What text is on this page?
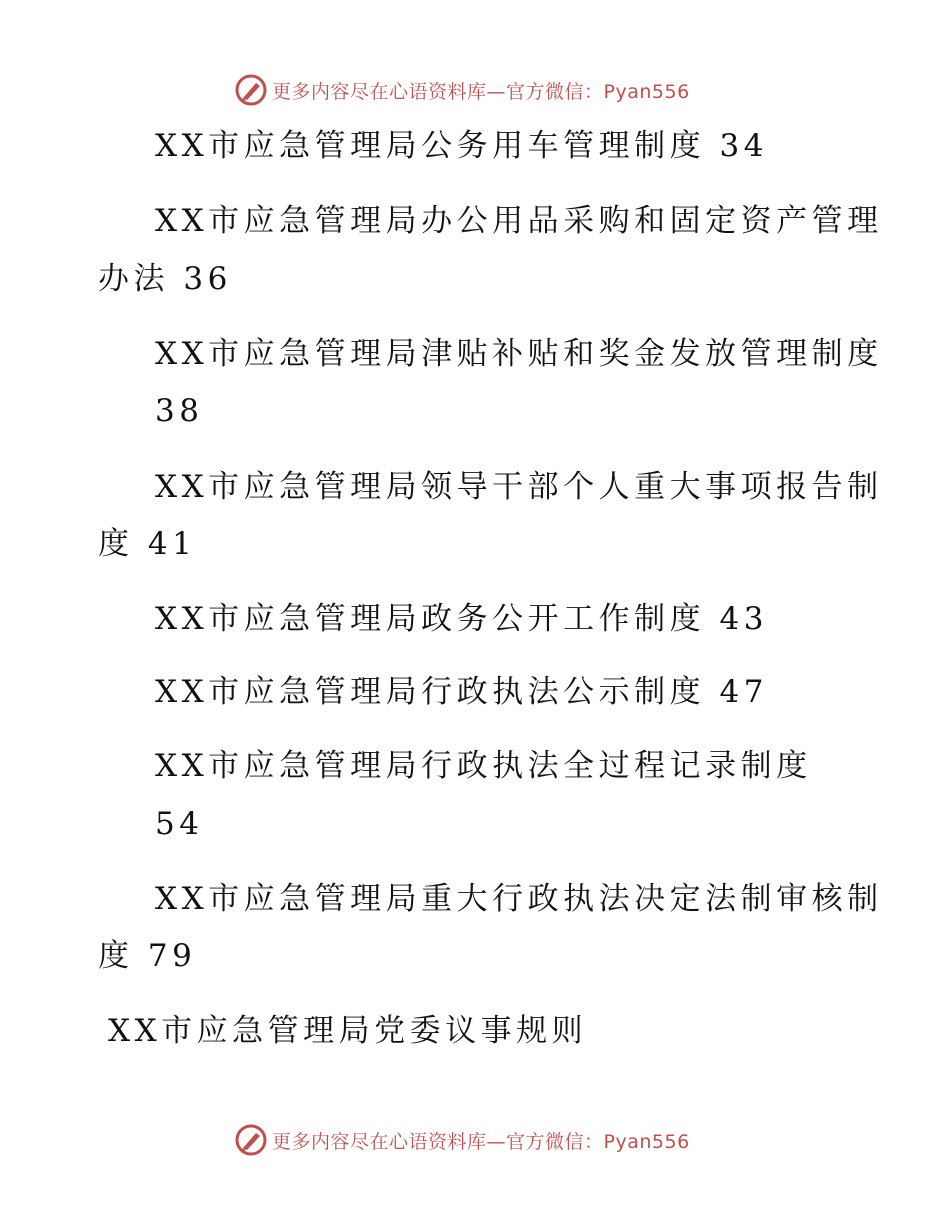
更多内容尽在心语资料库—官方微信：Pyan556
XX市应急管理局公务用车管理制度 34
XX市应急管理局办公用品采购和固定资产管理
办法 36
XX市应急管理局津贴补贴和奖金发放管理制度
38
XX市应急管理局领导干部个人重大事项报告制
度 41
XX市应急管理局政务公开工作制度 43
XX市应急管理局行政执法公示制度 47
XX市应急管理局行政执法全过程记录制度
54
XX市应急管理局重大行政执法决定法制审核制
度 79
XX市应急管理局党委议事规则
更多内容尽在心语资料库—官方微信：Pyan556
